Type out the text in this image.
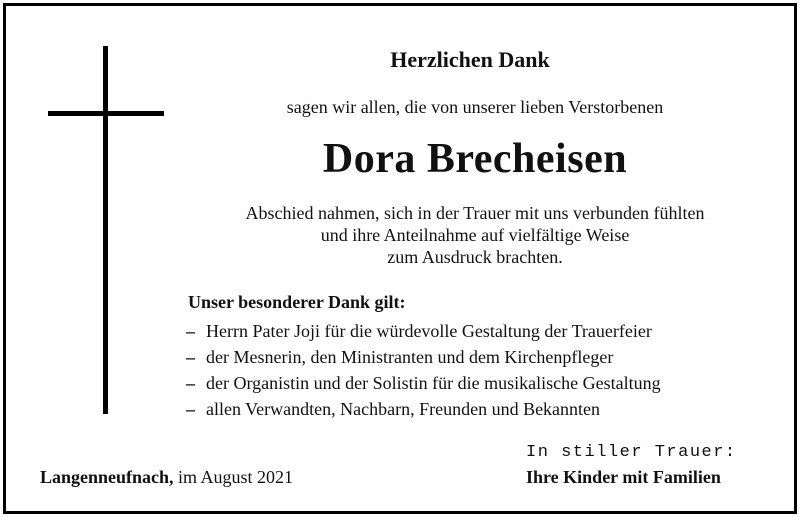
Herzlichen Dank
sagen wir allen, die von unserer lieben Verstorbenen
Dora Brecheisen
Abschied nahmen, sich in der Trauer mit uns verbunden fühlten
und ihre Anteilnahme auf vielfältige Weise
zum Ausdruck brachten.
Unser besonderer Dank gilt:
– Herrn Pater Joji für die würdevolle Gestaltung der Trauerfeier
– der Mesnerin, den Ministranten und dem Kirchenpfleger
– der Organistin und der Solistin für die musikalische Gestaltung
– allen Verwandten, Nachbarn, Freunden und Bekannten
Langenneufnach, im August 2021
In stiller Trauer:
Ihre Kinder mit Familien
